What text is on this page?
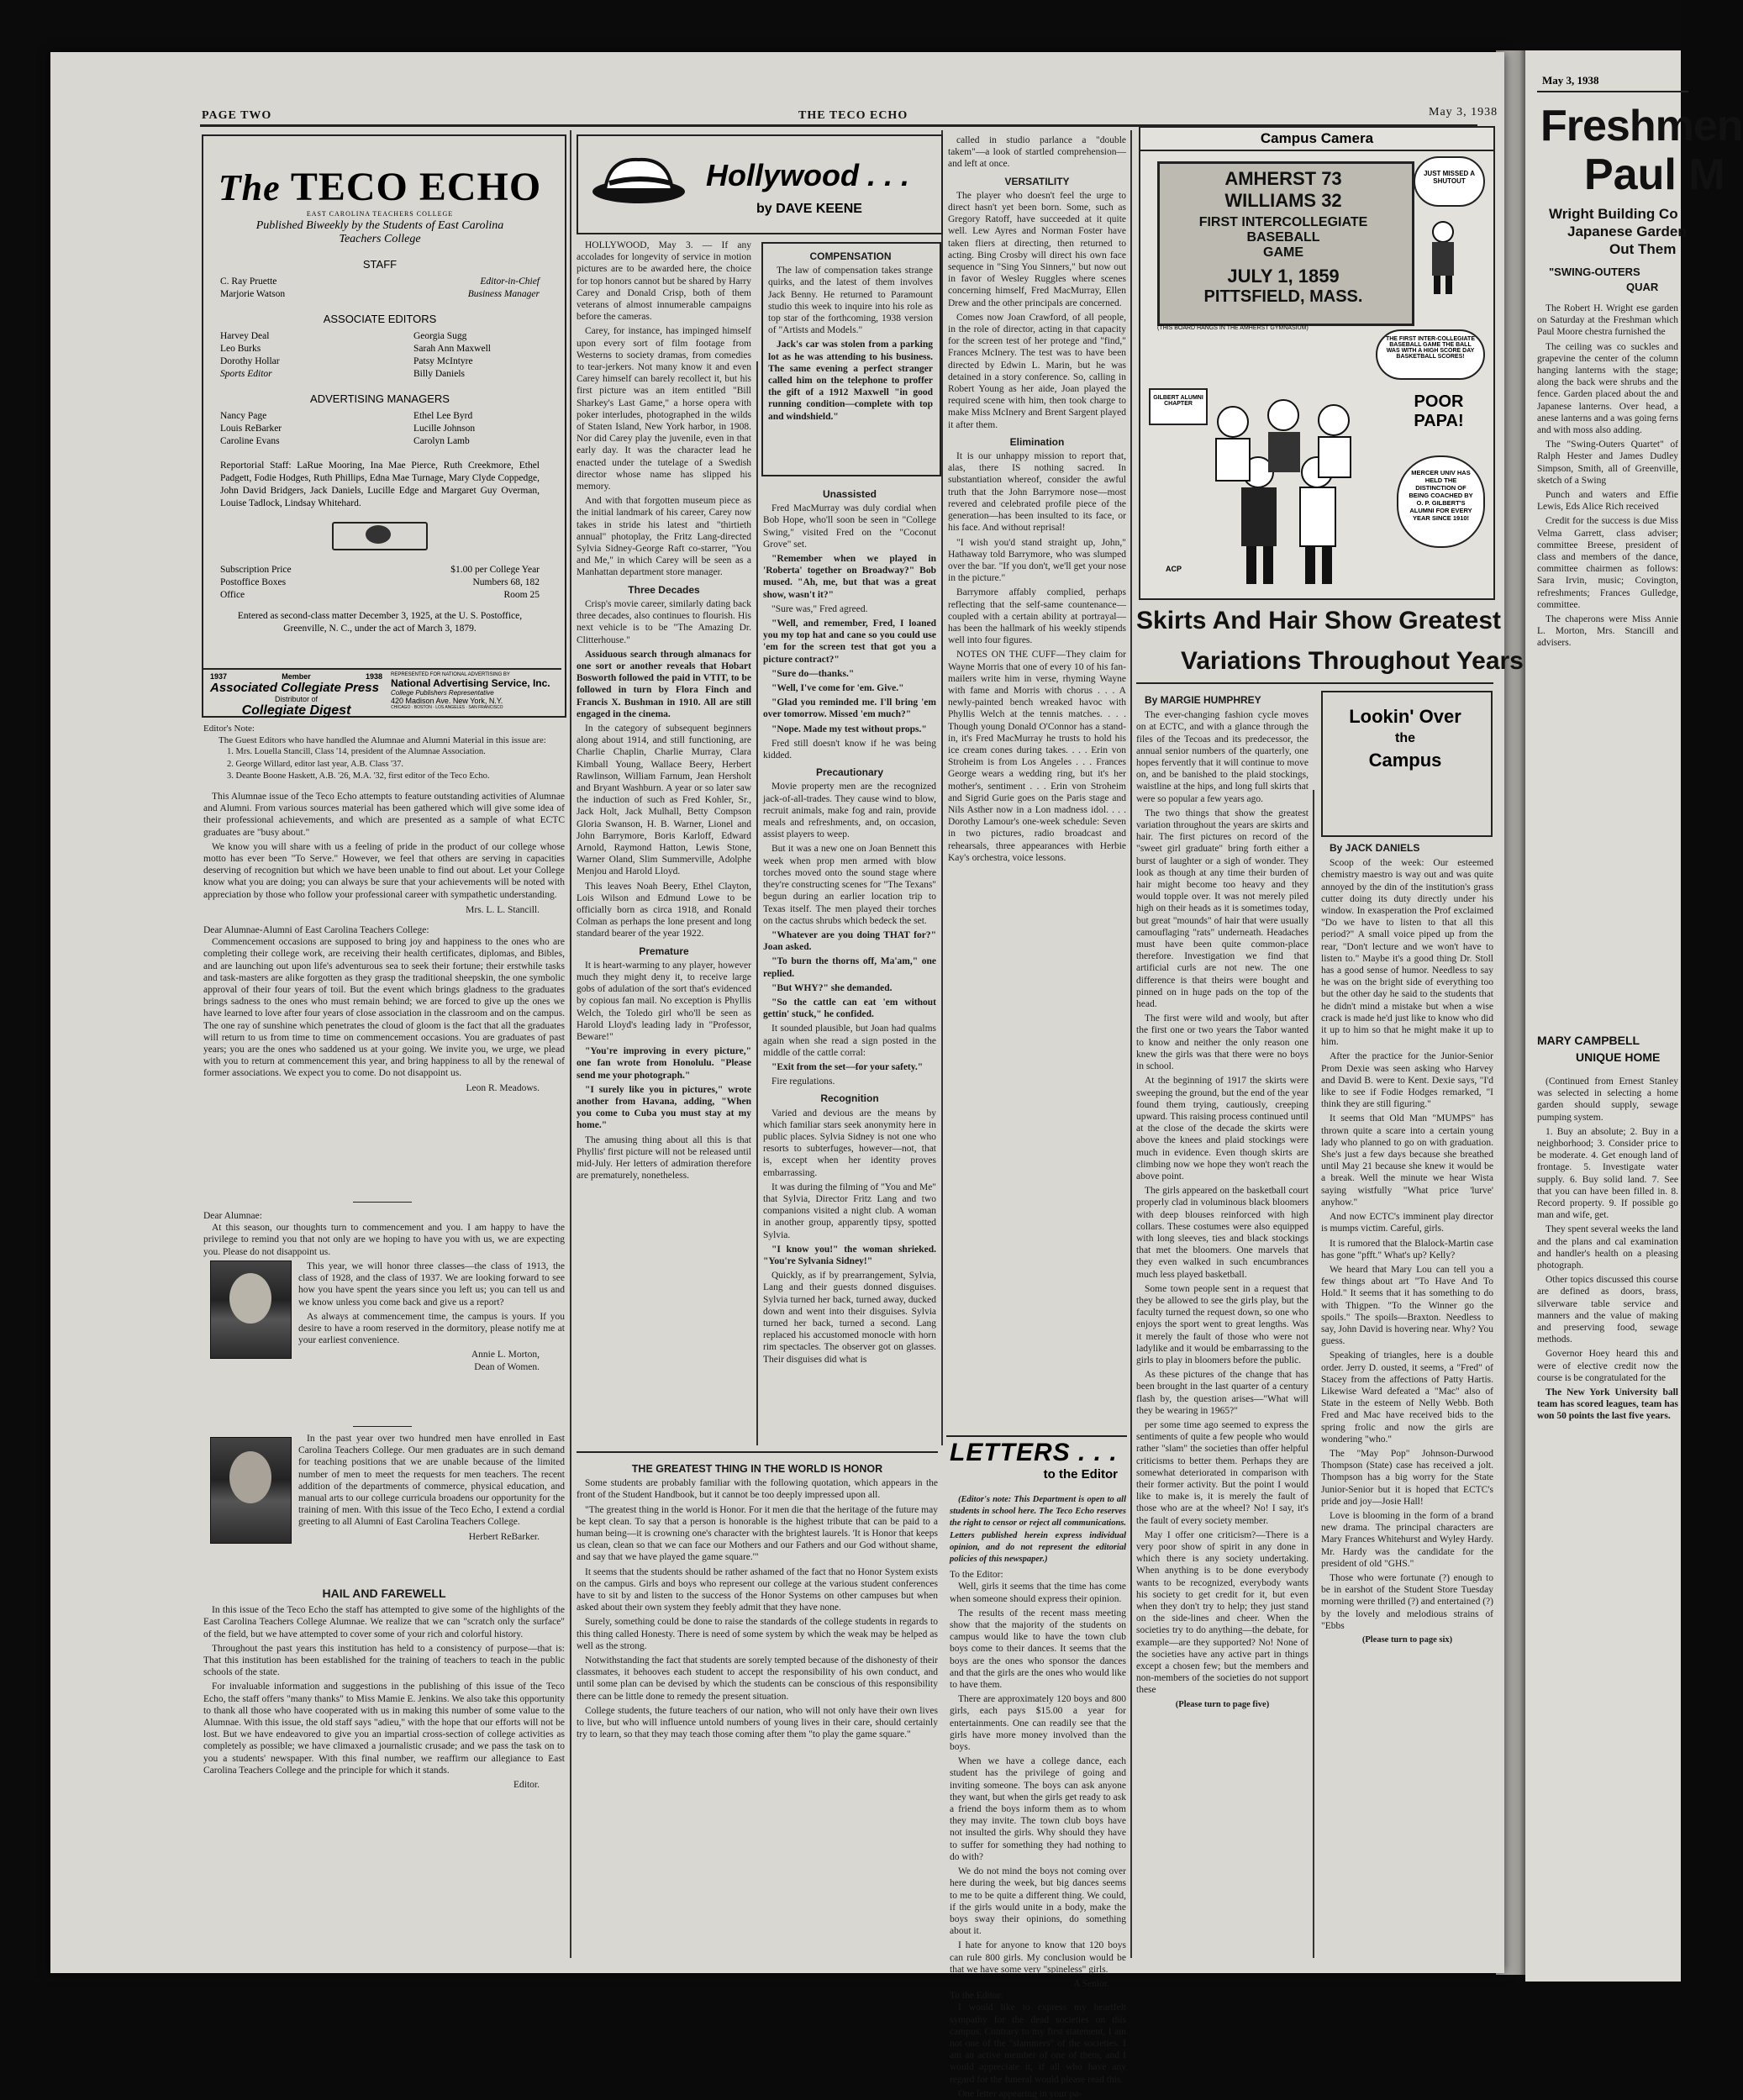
May 3, 1938
Freshmen
Paul M
Wright Building Co
Japanese Garden
Out Them
"SWING-OUTERS
QUAR

The Robert H. Wright ese garden on Saturday at the Freshman which Paul Moore chestra furnished the

The ceiling was co suckles and grapevine the center of the column hanging lanterns with the stage; along the back were shrubs and the fence. Garden placed about the and Japanese lanterns. Over head, a anese lanterns and a was going ferns and with moss also adding.

The "Swing-Outers Quartet" of Ralph Hester and James Dudley Simpson, Smith, all of Greenville, sketch of a Swing

Punch and waters and Effie Lewis, Eds Alice Rich received

Credit for the success is due Miss Velma Garrett, class adviser; committee Breese, president of class and members of the dance, committee chairmen as follows: Sara Irvin, music; Covington, refreshments; Frances Gulledge, committee.

The chaperons were Miss Annie L. Morton, Mrs. Stancill and advisers.

MARY CAMPBELL
UNIQUE HOME

(Continued from Ernest Stanley was selected in selecting a home garden should supply, sewage pumping system.

1. Buy an absolute; 2. Buy in a neighborhood; 3. Consider price to be moderate. 4. Get enough land of frontage. 5. Investigate water supply. 6. Buy solid land. 7. See that you can have been filled in. 8. Record property. 9. If possible go man and wife, get.

They spent several weeks the land and the plans and cal examination and handler's health on a pleasing photograph.

Other topics discussed this course are defined as doors, brass, silverware table service and manners and the value of making and preserving food, sewage methods.

Governor Hoey heard this and were of elective credit now the course is be congratulated for the

The New York University ball team has scored leagues, team has won 50 points the last five years.

PAGE TWO	THE TECO ECHO	May 3, 1938
The TECO ECHO
EAST CAROLINA TEACHERS COLLEGE
Published Biweekly by the Students of East Carolina Teachers College
STAFF
C. Ray Pruette	Editor-in-Chief
Marjorie Watson	Business Manager
ASSOCIATE EDITORS
Harvey Deal	Georgia Sugg
Leo Burks	Sarah Ann Maxwell
Dorothy Hollar	Patsy McIntyre
Sports Editor	Billy Daniels
ADVERTISING MANAGERS
Nancy Page	Ethel Lee Byrd
Louis ReBarker	Lucille Johnson
Caroline Evans	Carolyn Lamb
Reportorial Staff: LaRue Mooring, Ina Mae Pierce, Ruth Creekmore, Ethel Padgett, Fodie Hodges, Ruth Phillips, Edna Mae Turnage, Mary Clyde Coppedge, John David Bridgers, Jack Daniels, Lucille Edge and Margaret Guy Overman, Louise Tadlock, Lindsay Whitehard.
Subscription Price	$1.00 per College Year
Postoffice Boxes	Numbers 68, 182
Office	Room 25
Entered as second-class matter December 3, 1925, at the U. S. Postoffice, Greenville, N. C., under the act of March 3, 1879.
1937	Member	1938
Associated Collegiate Press
Distributor of
Collegiate Digest
REPRESENTED FOR NATIONAL ADVERTISING BY
National Advertising Service, Inc.
College Publishers Representative
420 Madison Ave. New York, N.Y.
CHICAGO · BOSTON · LOS ANGELES · SAN FRANCISCO
Editor's Note:
The Guest Editors who have handled the Alumnae and Alumni Material in this issue are:
1. Mrs. Louella Stancill, Class '14, president of the Alumnae Association.
2. George Willard, editor last year, A.B. Class '37.
3. Deante Boone Haskett, A.B. '26, M.A. '32, first editor of the Teco Echo.

This Alumnae issue of the Teco Echo attempts to feature outstanding activities of Alumnae and Alumni. From various sources material has been gathered which will give some idea of their professional achievements, and which are presented as a sample of what ECTC graduates are "busy about."

We know you will share with us a feeling of pride in the product of our college whose motto has ever been "To Serve." However, we feel that others are serving in capacities deserving of recognition but which we have been unable to find out about. Let your College know what you are doing; you can always be sure that your achievements will be noted with appreciation by those who follow your professional career with sympathetic understanding.

Mrs. L. L. Stancill.
Dear Alumnae-Alumni of East Carolina Teachers College:

Commencement occasions are supposed to bring joy and happiness to the ones who are completing their college work, are receiving their health certificates, diplomas, and Bibles, and are launching out upon life's adventurous sea to seek their fortune; their erstwhile tasks and task-masters are alike forgotten as they grasp the traditional sheepskin, the one symbolic approval of their four years of toil. But the event which brings gladness to the graduates brings sadness to the ones who must remain behind; we are forced to give up the ones we have learned to love after four years of close association in the classroom and on the campus. The one ray of sunshine which penetrates the cloud of gloom is the fact that all the graduates will return to us from time to time on commencement occasions. You are graduates of past years; you are the ones who saddened us at your going. We invite you, we urge, we plead with you to return at commencement this year, and bring happiness to all by the renewal of former associations. We expect you to come. Do not disappoint us.

Leon R. Meadows.
Dear Alumnae:

At this season, our thoughts turn to commencement and you. I am happy to have the privilege to remind you that not only are we hoping to have you with us, we are expecting you. Please do not disappoint us.

This year, we will honor three classes—the class of 1913, the class of 1928, and the class of 1937. We are looking forward to see how you have spent the years since you left us; you can tell us and we know unless you come back and give us a report?

As always at commencement time, the campus is yours. If you desire to have a room reserved in the dormitory, please notify me at your earliest convenience.

Annie L. Morton,
Dean of Women.

In the past year over two hundred men have enrolled in East Carolina Teachers College. Our men graduates are in such demand for teaching positions that we are unable because of the limited number of men to meet the requests for men teachers. The recent addition of the departments of commerce, physical education, and manual arts to our college curricula broadens our opportunity for the training of men. With this issue of the Teco Echo, I extend a cordial greeting to all Alumni of East Carolina Teachers College.

Herbert ReBarker.
HAIL AND FAREWELL

In this issue of the Teco Echo the staff has attempted to give some of the highlights of the East Carolina Teachers College Alumnae. We realize that we can "scratch only the surface" of the field, but we have attempted to cover some of your rich and colorful history.

Throughout the past years this institution has held to a consistency of purpose—that is: That this institution has been established for the training of teachers to teach in the public schools of the state.

For invaluable information and suggestions in the publishing of this issue of the Teco Echo, the staff offers "many thanks" to Miss Mamie E. Jenkins. We also take this opportunity to thank all those who have cooperated with us in making this number of some value to the Alumnae. With this issue, the old staff says "adieu," with the hope that our efforts will not be lost. But we have endeavored to give you an impartial cross-section of college activities as completely as possible; we have climaxed a journalistic crusade; and we pass the task on to you a students' newspaper. With this final number, we reaffirm our allegiance to East Carolina Teachers College and the principle for which it stands.

Editor.
Hollywood . . .
by DAVE KEENE

HOLLYWOOD, May 3. — If any accolades for longevity of service in motion pictures are to be awarded here, the choice for top honors cannot but be shared by Harry Carey and Donald Crisp, both of them veterans of almost innumerable campaigns before the cameras.

Carey, for instance, has impinged himself upon every sort of film footage from Westerns to society dramas, from comedies to tear-jerkers. Not many know it and even Carey himself can barely recollect it, but his first picture was an item entitled "Bill Sharkey's Last Game," a horse opera with poker interludes, photographed in the wilds of Staten Island, New York harbor, in 1908. Nor did Carey play the juvenile, even in that early day. It was the character lead he enacted under the tutelage of a Swedish director whose name has slipped his memory.

And with that forgotten museum piece as the initial landmark of his career, Carey now takes in stride his latest and "thirtieth annual" photoplay, the Fritz Lang-directed Sylvia Sidney-George Raft co-starrer, "You and Me," in which Carey will be seen as a Manhattan department store manager.

Three Decades

Crisp's movie career, similarly dating back three decades, also continues to flourish. His next vehicle is to be "The Amazing Dr. Clitterhouse."

Assiduous search through almanacs for one sort or another reveals that Hobart Bosworth followed the paid in VTIT, to be followed in turn by Flora Finch and Francis X. Bushman in 1910. All are still engaged in the cinema.

In the category of subsequent beginners along about 1914, and still functioning, are Charlie Chaplin, Charlie Murray, Clara Kimball Young, Wallace Beery, Herbert Rawlinson, William Farnum, Jean Hersholt and Bryant Washburn. A year or so later saw the induction of such as Fred Kohler, Sr., Jack Holt, Jack Mulhall, Betty Compson Gloria Swanson, H. B. Warner, Lionel and John Barrymore, Boris Karloff, Edward Arnold, Raymond Hatton, Lewis Stone, Warner Oland, Slim Summerville, Adolphe Menjou and Harold Lloyd.

This leaves Noah Beery, Ethel Clayton, Lois Wilson and Edmund Lowe to be officially born as circa 1918, and Ronald Colman as perhaps the lone present and long standard bearer of the year 1922.

Premature

It is heart-warming to any player, however much they might deny it, to receive large gobs of adulation of the sort that's evidenced by copious fan mail. No exception is Phyllis Welch, the Toledo girl who'll be seen as Harold Lloyd's leading lady in "Professor, Beware!"

"You're improving in every picture," one fan wrote from Honolulu. "Please send me your photograph."

"I surely like you in pictures," wrote another from Havana, adding, "When you come to Cuba you must stay at my home."

The amusing thing about all this is that Phyllis' first picture will not be released until mid-July. Her letters of admiration therefore are prematurely, nonetheless.

COMPENSATION

The law of compensation takes strange quirks, and the latest of them involves Jack Benny. He returned to Paramount studio this week to inquire into his role as top star of the forthcoming, 1938 version of "Artists and Models."

Jack's car was stolen from a parking lot as he was attending to his business. The same evening a perfect stranger called him on the telephone to proffer the gift of a 1912 Maxwell "in good running condition—complete with top and windshield."

Unassisted

Fred MacMurray was duly cordial when Bob Hope, who'll soon be seen in "College Swing," visited Fred on the "Coconut Grove" set.

"Remember when we played in 'Roberta' together on Broadway?" Bob mused. "Ah, me, but that was a great show, wasn't it?"

"Sure was," Fred agreed.

"Well, and remember, Fred, I loaned you my top hat and cane so you could use 'em for the screen test that got you a picture contract?"

"Sure do—thanks."

"Well, I've come for 'em. Give."

"Glad you reminded me. I'll bring 'em over tomorrow. Missed 'em much?"

"Nope. Made my test without props."

Fred still doesn't know if he was being kidded.

Precautionary

Movie property men are the recognized jack-of-all-trades. They cause wind to blow, recruit animals, make fog and rain, provide meals and refreshments, and, on occasion, assist players to weep.

But it was a new one on Joan Bennett this week when prop men armed with blow torches moved onto the sound stage where they're constructing scenes for "The Texans" begun during an earlier location trip to Texas itself. The men played their torches on the cactus shrubs which bedeck the set.

"Whatever are you doing THAT for?" Joan asked.

"To burn the thorns off, Ma'am," one replied.

"But WHY?" she demanded.

"So the cattle can eat 'em without gettin' stuck," he confided.

It sounded plausible, but Joan had qualms again when she read a sign posted in the middle of the cattle corral:

"Exit from the set—for your safety."

Fire regulations.

Recognition

Varied and devious are the means by which familiar stars seek anonymity here in public places. Sylvia Sidney is not one who resorts to subterfuges, however—not, that is, except when her identity proves embarrassing.

It was during the filming of "You and Me" that Sylvia, Director Fritz Lang and two companions visited a night club. A woman in another group, apparently tipsy, spotted Sylvia.

"I know you!" the woman shrieked. "You're Sylvania Sidney!"

Quickly, as if by prearrangement, Sylvia, Lang and their guests donned disguises. Sylvia turned her back, turned away, ducked down and went into their disguises. Sylvia turned her back, turned a second. Lang replaced his accustomed monocle with horn rim spectacles. The observer got on glasses. Their disguises did what is

called in studio parlance a "double takem"—a look of startled comprehension—and left at once.

VERSATILITY

The player who doesn't feel the urge to direct hasn't yet been born. Some, such as Gregory Ratoff, have succeeded at it quite well. Lew Ayres and Norman Foster have taken fliers at directing, then returned to acting. Bing Crosby will direct his own face sequence in "Sing You Sinners," but now out in favor of Wesley Ruggles where scenes concerning himself, Fred MacMurray, Ellen Drew and the other principals are concerned.

Comes now Joan Crawford, of all people, in the role of director, acting in that capacity for the screen test of her protege and "find," Frances McInery. The test was to have been directed by Edwin L. Marin, but he was detained in a story conference. So, calling in Robert Young as her aide, Joan played the required scene with him, then took charge to make Miss McInery and Brent Sargent played it after them.

Elimination

It is our unhappy mission to report that, alas, there IS nothing sacred. In substantiation whereof, consider the awful truth that the John Barrymore nose—most revered and celebrated profile piece of the generation—has been insulted to its face, or his face. And without reprisal!

"I wish you'd stand straight up, John," Hathaway told Barrymore, who was slumped over the bar. "If you don't, we'll get your nose in the picture."

Barrymore affably complied, perhaps reflecting that the self-same countenance—coupled with a certain ability at portrayal—has been the hallmark of his weekly stipends well into four figures.

NOTES ON THE CUFF—They claim for Wayne Morris that one of every 10 of his fan-mailers write him in verse, rhyming Wayne with fame and Morris with chorus . . . A newly-painted bench wreaked havoc with Phyllis Welch at the tennis matches. . . . Though young Donald O'Connor has a stand-in, it's Fred MacMurray he trusts to hold his ice cream cones during takes. . . . Erin von Stroheim is from Los Angeles . . . Frances George wears a wedding ring, but it's her mother's, sentiment . . . Erin von Stroheim and Sigrid Gurie goes on the Paris stage and Nils Asther now in a Lon madness idol. . . . Dorothy Lamour's one-week schedule: Seven in two pictures, radio broadcast and rehearsals, three appearances with Herbie Kay's orchestra, voice lessons.

THE GREATEST THING IN THE WORLD IS HONOR

Some students are probably familiar with the following quotation, which appears in the front of the Student Handbook, but it cannot be too deeply impressed upon all.

"The greatest thing in the world is Honor. For it men die that the heritage of the future may be kept clean. To say that a person is honorable is the highest tribute that can be paid to a human being—it is crowning one's character with the brightest laurels. 'It is Honor that keeps us clean, clean so that we can face our Mothers and our Fathers and our God without shame, and say that we have played the game square.'"

It seems that the students should be rather ashamed of the fact that no Honor System exists on the campus. Girls and boys who represent our college at the various student conferences have to sit by and listen to the success of the Honor Systems on other campuses but when asked about their own system they feebly admit that they have none.

Surely, something could be done to raise the standards of the college students in regards to this thing called Honesty. There is need of some system by which the weak may be helped as well as the strong.

Notwithstanding the fact that students are sorely tempted because of the dishonesty of their classmates, it behooves each student to accept the responsibility of his own conduct, and until some plan can be devised by which the students can be conscious of this responsibility there can be little done to remedy the present situation.

College students, the future teachers of our nation, who will not only have their own lives to live, but who will influence untold numbers of young lives in their care, should certainly try to learn, so that they may teach those coming after them "to play the game square."

LETTERS . . .
to the Editor

(Editor's note: This Department is open to all students in school here. The Teco Echo reserves the right to censor or reject all communications. Letters published herein express individual opinion, and do not represent the editorial policies of this newspaper.)

To the Editor:

Well, girls it seems that the time has come when someone should express their opinion.

The results of the recent mass meeting show that the majority of the students on campus would like to have the town club boys come to their dances. It seems that the boys are the ones who sponsor the dances and that the girls are the ones who would like to have them.

There are approximately 120 boys and 800 girls, each pays $15.00 a year for entertainments. One can readily see that the girls have more money involved than the boys.

When we have a college dance, each student has the privilege of going and inviting someone. The boys can ask anyone they want, but when the girls get ready to ask a friend the boys inform them as to whom they may invite. The town club boys have not insulted the girls. Why should they have to suffer for something they had nothing to do with?

We do not mind the boys not coming over here during the week, but big dances seems to me to be quite a different thing. We could, if the girls would unite in a body, make the boys sway their opinions, do something about it.

I hate for anyone to know that 120 boys can rule 800 girls. My conclusion would be that we have some very "spineless" girls.

A Senior.
To the Editor:

I would like to express my heartfelt sympathy for the dead societies on this campus. Contrary to my first statement, I am not one of the "slammers" of the societies. I am an active member of one of them, and I would appreciate it, if all who have any regard for the funeral would please read this.

One letter appearing in your pa-

Campus Camera
AMHERST 73
WILLIAMS 32
FIRST INTERCOLLEGIATE BASEBALL
GAME
JULY 1, 1859
PITTSFIELD, MASS.
JUST MISSED A SHUTOUT
(THIS BOARD HANGS IN THE AMHERST GYMNASIUM)
THE FIRST INTER-COLLEGIATE BASEBALL GAME THE BALL WAS WITH A HIGH SCORE DAY BASKETBALL SCORES!
GILBERT ALUMNI CHAPTER	POOR PAPA!
MERCER UNIV HAS HELD THE DISTINCTION OF BEING COACHED BY O. P. GILBERT'S ALUMNI FOR EVERY YEAR SINCE 1910!
ACP
Skirts And Hair Show Greatest
Variations Throughout Years
By MARGIE HUMPHREY

The ever-changing fashion cycle moves on at ECTC, and with a glance through the files of the Tecoas and its predecessor, the annual senior numbers of the quarterly, one hopes fervently that it will continue to move on, and be banished to the plaid stockings, waistline at the hips, and long full skirts that were so popular a few years ago.

The two things that show the greatest variation throughout the years are skirts and hair. The first pictures on record of the "sweet girl graduate" bring forth either a burst of laughter or a sigh of wonder. They look as though at any time their burden of hair might become too heavy and they would topple over. It was not merely piled high on their heads as it is sometimes today, but great "mounds" of hair that were usually camouflaging "rats" underneath. Headaches must have been quite common-place therefore. Investigation we find that artificial curls are not new. The one difference is that theirs were bought and pinned on in huge pads on the top of the head.

The first were wild and wooly, but after the first one or two years the Tabor wanted to know and neither the only reason one knew the girls was that there were no boys in school.

At the beginning of 1917 the skirts were sweeping the ground, but the end of the year found them trying, cautiously, creeping upward. This raising process continued until at the close of the decade the skirts were above the knees and plaid stockings were much in evidence. Even though skirts are climbing now we hope they won't reach the above point.

The girls appeared on the basketball court properly clad in voluminous black bloomers with deep blouses reinforced with high collars. These costumes were also equipped with long sleeves, ties and black stockings that met the bloomers. One marvels that they even walked in such encumbrances much less played basketball.

Some town people sent in a request that they be allowed to see the girls play, but the faculty turned the request down, so one who enjoys the sport went to great lengths. Was it merely the fault of those who were not ladylike and it would be embarrassing to the girls to play in bloomers before the public.

As these pictures of the change that has been brought in the last quarter of a century flash by, the question arises—"What will they be wearing in 1965?"

per some time ago seemed to express the sentiments of quite a few people who would rather "slam" the societies than offer helpful criticisms to better them. Perhaps they are somewhat deteriorated in comparison with their former activity. But the point I would like to make is, it is merely the fault of those who are at the wheel? No! I say, it's the fault of every society member.

May I offer one criticism?—There is a very poor show of spirit in any done in which there is any society undertaking. When anything is to be done everybody wants to be recognized, everybody wants his society to get credit for it, but even when they don't try to help; they just stand on the side-lines and cheer. When the societies try to do anything—the debate, for example—are they supported? No! None of the societies have any active part in things except a chosen few; but the members and non-members of the societies do not support these

(Please turn to page five)
Lookin' Over
the
Campus
By JACK DANIELS

Scoop of the week: Our esteemed chemistry maestro is way out and was quite annoyed by the din of the institution's grass cutter doing its duty directly under his window. In exasperation the Prof exclaimed "Do we have to listen to that all this period?" A small voice piped up from the rear, "Don't lecture and we won't have to listen to." Maybe it's a good thing Dr. Stoll has a good sense of humor. Needless to say he was on the bright side of everything too but the other day he said to the students that he didn't mind a mistake but when a wise crack is made he'd just like to know who did it up to him so that he might make it up to him.

After the practice for the Junior-Senior Prom Dexie was seen asking who Harvey and David B. were to Kent. Dexie says, "I'd like to see if Fodie Hodges remarked, "I think they are still figuring."

It seems that Old Man "MUMPS" has thrown quite a scare into a certain young lady who planned to go on with graduation. She's just a few days because she breathed until May 21 because she knew it would be a break. Well the minute we hear Wista saying wistfully "What price 'lurve' anyhow."

And now ECTC's imminent play director is mumps victim. Careful, girls.

It is rumored that the Blalock-Martin case has gone "pfft." What's up? Kelly?

We heard that Mary Lou can tell you a few things about art "To Have And To Hold." It seems that it has something to do with Thigpen. "To the Winner go the spoils." The spoils—Braxton. Needless to say, John David is hovering near. Why? You guess.

Speaking of triangles, here is a double order. Jerry D. ousted, it seems, a "Fred" of Stacey from the affections of Patty Hartis. Likewise Ward defeated a "Mac" also of State in the esteem of Nelly Webb. Both Fred and Mac have received bids to the spring frolic and now the girls are wondering "who."

The "May Pop" Johnson-Durwood Thompson (State) case has received a jolt. Thompson has a big worry for the State Junior-Senior but it is hoped that ECTC's pride and joy—Josie Hall!

Love is blooming in the form of a brand new drama. The principal characters are Mary Frances Whitehurst and Wyley Hardy. Mr. Hardy was the candidate for the president of old "GHS."

Those who were fortunate (?) enough to be in earshot of the Student Store Tuesday morning were thrilled (?) and entertained (?) by the lovely and melodious strains of "Ebbs

(Please turn to page six)
